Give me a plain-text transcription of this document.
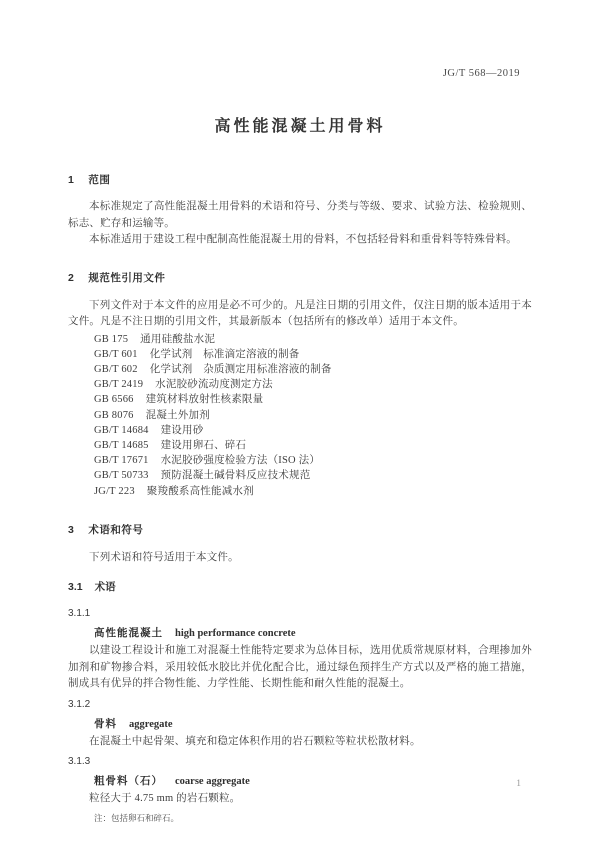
JG/T 568—2019
高性能混凝土用骨料
1 范围

本标准规定了高性能混凝土用骨料的术语和符号、分类与等级、要求、试验方法、检验规则、标志、贮存和运输等。

本标准适用于建设工程中配制高性能混凝土用的骨料，不包括轻骨料和重骨料等特殊骨料。

2 规范性引用文件

下列文件对于本文件的应用是必不可少的。凡是注日期的引用文件，仅注日期的版本适用于本文件。凡是不注日期的引用文件，其最新版本（包括所有的修改单）适用于本文件。

GB 175 通用硅酸盐水泥
GB/T 601 化学试剂　标准滴定溶液的制备
GB/T 602 化学试剂　杂质测定用标准溶液的制备
GB/T 2419 水泥胶砂流动度测定方法
GB 6566 建筑材料放射性核素限量
GB 8076 混凝土外加剂
GB/T 14684 建设用砂
GB/T 14685 建设用卵石、碎石
GB/T 17671 水泥胶砂强度检验方法（ISO 法）
GB/T 50733 预防混凝土碱骨料反应技术规范
JG/T 223 聚羧酸系高性能减水剂
3 术语和符号

下列术语和符号适用于本文件。

3.1 术语
3.1.1
高性能混凝土 high performance concrete

以建设工程设计和施工对混凝土性能特定要求为总体目标，选用优质常规原材料，合理掺加外加剂和矿物掺合料，采用较低水胶比并优化配合比，通过绿色预拌生产方式以及严格的施工措施，制成具有优异的拌合物性能、力学性能、长期性能和耐久性能的混凝土。

3.1.2
骨料 aggregate

在混凝土中起骨架、填充和稳定体积作用的岩石颗粒等粒状松散材料。

3.1.3
粗骨料（石） coarse aggregate

粒径大于 4.75 mm 的岩石颗粒。

注：包括卵石和碎石。
1
